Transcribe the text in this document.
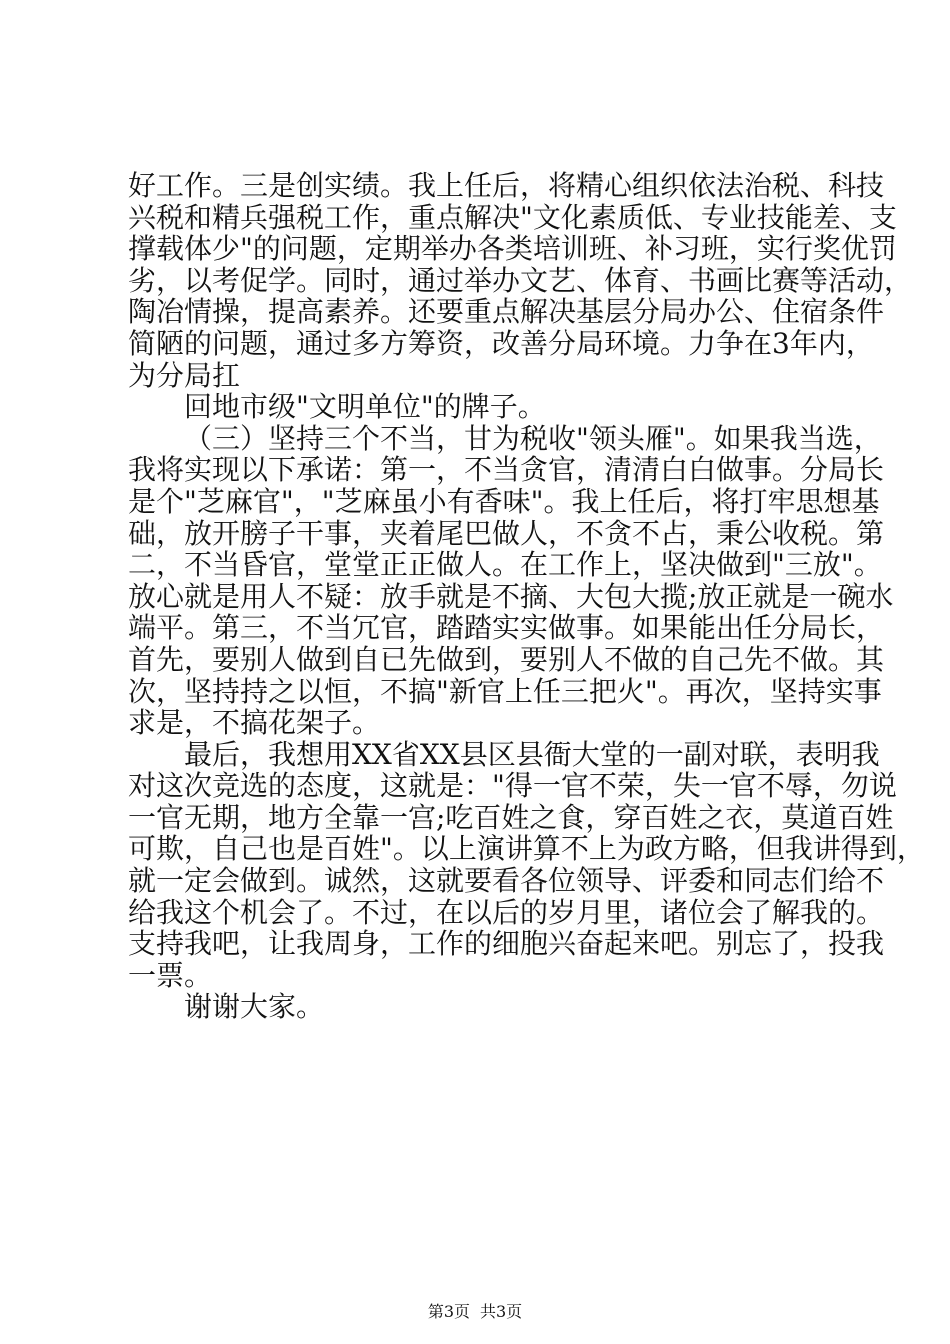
好工作。三是创实绩。我上任后，将精心组织依法治税、科技
兴税和精兵强税工作，重点解决"文化素质低、专业技能差、支
撑载体少"的问题，定期举办各类培训班、补习班，实行奖优罚
劣，以考促学。同时，通过举办文艺、体育、书画比赛等活动，
陶冶情操，提高素养。还要重点解决基层分局办公、住宿条件
简陋的问题，通过多方筹资，改善分局环境。力争在3年内，
为分局扛
回地市级"文明单位"的牌子。
（三）坚持三个不当，甘为税收"领头雁"。如果我当选，
我将实现以下承诺：第一，不当贪官，清清白白做事。分局长
是个"芝麻官"，"芝麻虽小有香味"。我上任后，将打牢思想基
础，放开膀子干事，夹着尾巴做人，不贪不占，秉公收税。第
二，不当昏官，堂堂正正做人。在工作上，坚决做到"三放"。
放心就是用人不疑：放手就是不摘、大包大揽;放正就是一碗水
端平。第三，不当冗官，踏踏实实做事。如果能出任分局长，
首先，要别人做到自已先做到，要别人不做的自己先不做。其
次，坚持持之以恒，不搞"新官上任三把火"。再次，坚持实事
求是，不搞花架子。
最后，我想用XX省XX县区县衙大堂的一副对联，表明我
对这次竞选的态度，这就是："得一官不荣，失一官不辱，勿说
一官无期，地方全靠一宫;吃百姓之食，穿百姓之衣，莫道百姓
可欺，自己也是百姓"。以上演讲算不上为政方略，但我讲得到，
就一定会做到。诚然，这就要看各位领导、评委和同志们给不
给我这个机会了。不过，在以后的岁月里，诸位会了解我的。
支持我吧，让我周身，工作的细胞兴奋起来吧。别忘了，投我
一票。
谢谢大家。
第3页 共3页
